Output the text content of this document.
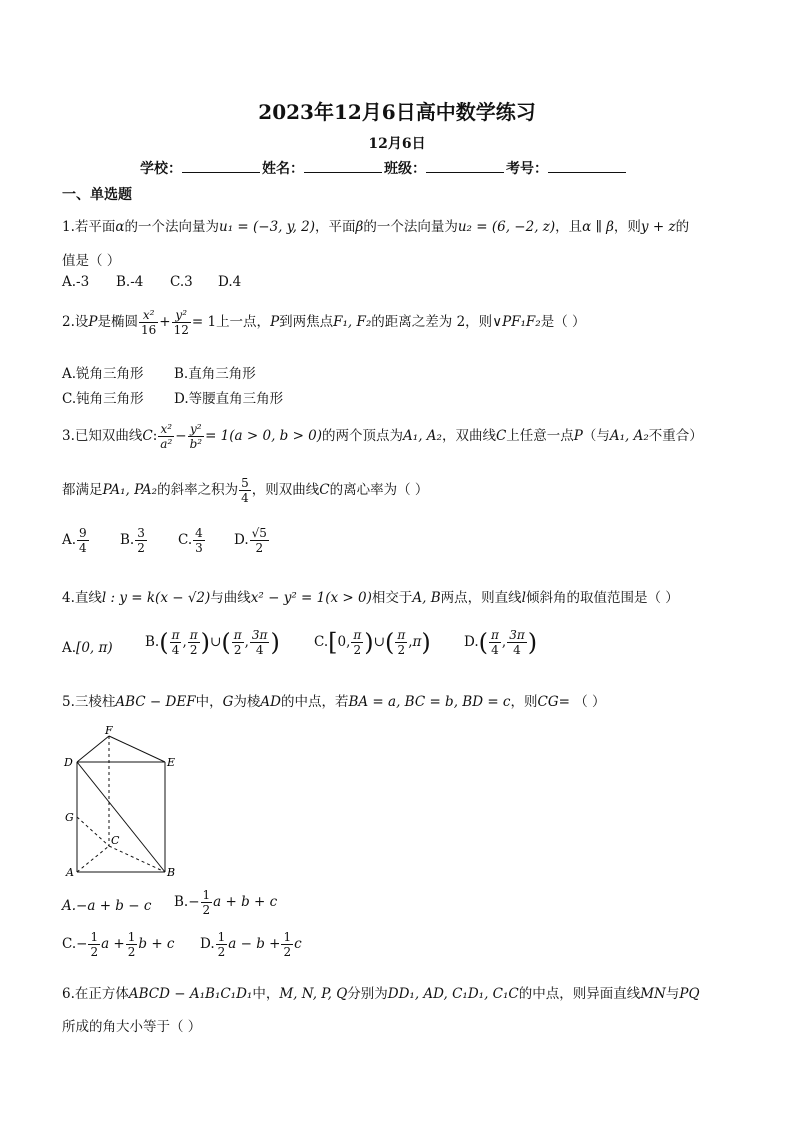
2023年12月6日高中数学练习
12月6日
学校：	姓名：	班级：	考号：
一、单选题
1.若平面α的一个法向量为u₁ = (−3, y, 2)，平面β的一个法向量为u₂ = (6, −2, z)，且α ∥ β，则y + z的
值是（ ）
A.-3 B.-4 C.3 D.4
2.设P是椭圆 $\frac{\text{x²}}{16} + \frac{\text{y²}}{12} = 1$上一点，P到两焦点F₁, F₂的距离之差为 2，则∨PF₁F₂是（ ）
A.锐角三角形 B.直角三角形
C.钝角三角形 D.等腰直角三角形
3.已知双曲线C: $\frac{\text{x²}}{\text{a²}} - \frac{\text{y²}}{\text{b²}} = 1(a > 0$, b > 0)的两个顶点为A₁, A₂，双曲线C上任意一点P（与A₁, A₂不重合）
都满足PA₁, PA₂的斜率之积为 $\frac{5}{4}$ ，则双曲线C的离心率为（ ）
A. $\frac{9}{4} B$. $\frac{3}{2} C$. $\frac{4}{3} D$. $\frac{√5}{2}$
4.直线l : y = k(x − √2)与曲线x² − y² = 1(x > 0)相交于A, B两点，则直线l倾斜角的取值范围是（ ）
A.[0, π) $B.( \frac{\pi}{4}$ , $\frac{\pi}{2}$ )∪( $\frac{\pi}{2}$ , $\frac{3\pi}{4}$ )	C.[0, $\frac{\pi}{2}$ )∪( $\frac{\pi}{2} ,\pi$) $D.( \frac{\pi}{4}$ , $\frac{3\pi}{4}$ )
5.三棱柱ABC − DEF中，G为棱AD的中点，若BA = a, BC = b, BD = c，则CG= （ ）
F
D	E
G
C
A	B
A.−a + b − c $B.- \frac{1}{2}$ a + b + c
$C.- \frac{1}{2}$ $a + \frac{1}{2}$ b + c D. $\frac{1}{2}$ $a - b + \frac{1}{2}$ c
6.在正方体ABCD − A₁B₁C₁D₁中，M, N, P, Q分别为DD₁, AD, C₁D₁, C₁C的中点，则异面直线MN与PQ
所成的角大小等于（ ）
